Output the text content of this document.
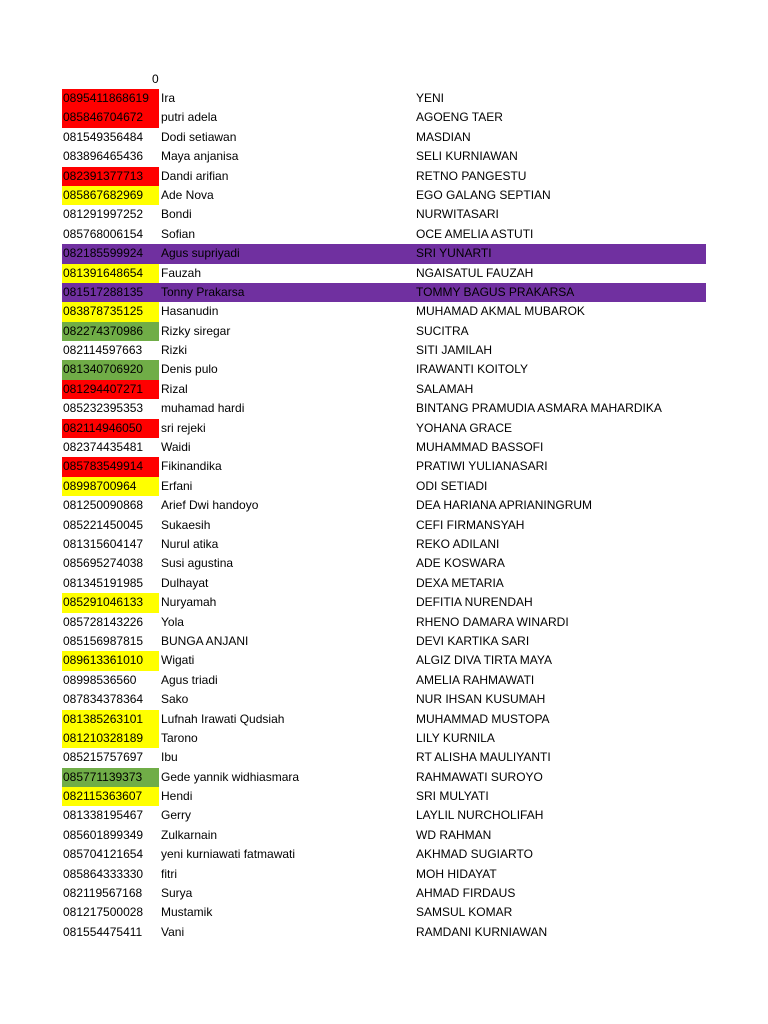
0
0895411868619	Ira	YENI
085846704672	putri adela	AGOENG TAER
081549356484	Dodi setiawan	MASDIAN
083896465436	Maya anjanisa	SELI KURNIAWAN
082391377713	Dandi arifian	RETNO PANGESTU
085867682969	Ade Nova	EGO GALANG SEPTIAN
081291997252	Bondi	NURWITASARI
085768006154	Sofian	OCE AMELIA ASTUTI
082185599924	Agus supriyadi	SRI YUNARTI
081391648654	Fauzah	NGAISATUL FAUZAH
081517288135	Tonny Prakarsa	TOMMY BAGUS PRAKARSA
083878735125	Hasanudin	MUHAMAD AKMAL MUBAROK
082274370986	Rizky siregar	SUCITRA
082114597663	Rizki	SITI JAMILAH
081340706920	Denis pulo	IRAWANTI KOITOLY
081294407271	Rizal	SALAMAH
085232395353	muhamad hardi	BINTANG PRAMUDIA ASMARA MAHARDIKA
082114946050	sri rejeki	YOHANA GRACE
082374435481	Waidi	MUHAMMAD BASSOFI
085783549914	Fikinandika	PRATIWI YULIANASARI
08998700964	Erfani	ODI SETIADI
081250090868	Arief Dwi handoyo	DEA HARIANA APRIANINGRUM
085221450045	Sukaesih	CEFI FIRMANSYAH
081315604147	Nurul atika	REKO ADILANI
085695274038	Susi agustina	ADE KOSWARA
081345191985	Dulhayat	DEXA METARIA
085291046133	Nuryamah	DEFITIA NURENDAH
085728143226	Yola	RHENO DAMARA WINARDI
085156987815	BUNGA ANJANI	DEVI KARTIKA SARI
089613361010	Wigati	ALGIZ DIVA TIRTA MAYA
08998536560	Agus triadi	AMELIA RAHMAWATI
087834378364	Sako	NUR IHSAN KUSUMAH
081385263101	Lufnah Irawati Qudsiah	MUHAMMAD MUSTOPA
081210328189	Tarono	LILY KURNILA
085215757697	Ibu	RT ALISHA MAULIYANTI
085771139373	Gede yannik widhiasmara	RAHMAWATI SUROYO
082115363607	Hendi	SRI MULYATI
081338195467	Gerry	LAYLIL NURCHOLIFAH
085601899349	Zulkarnain	WD RAHMAN
085704121654	yeni kurniawati fatmawati	AKHMAD SUGIARTO
085864333330	fitri	MOH HIDAYAT
082119567168	Surya	AHMAD FIRDAUS
081217500028	Mustamik	SAMSUL KOMAR
081554475411	Vani	RAMDANI KURNIAWAN
